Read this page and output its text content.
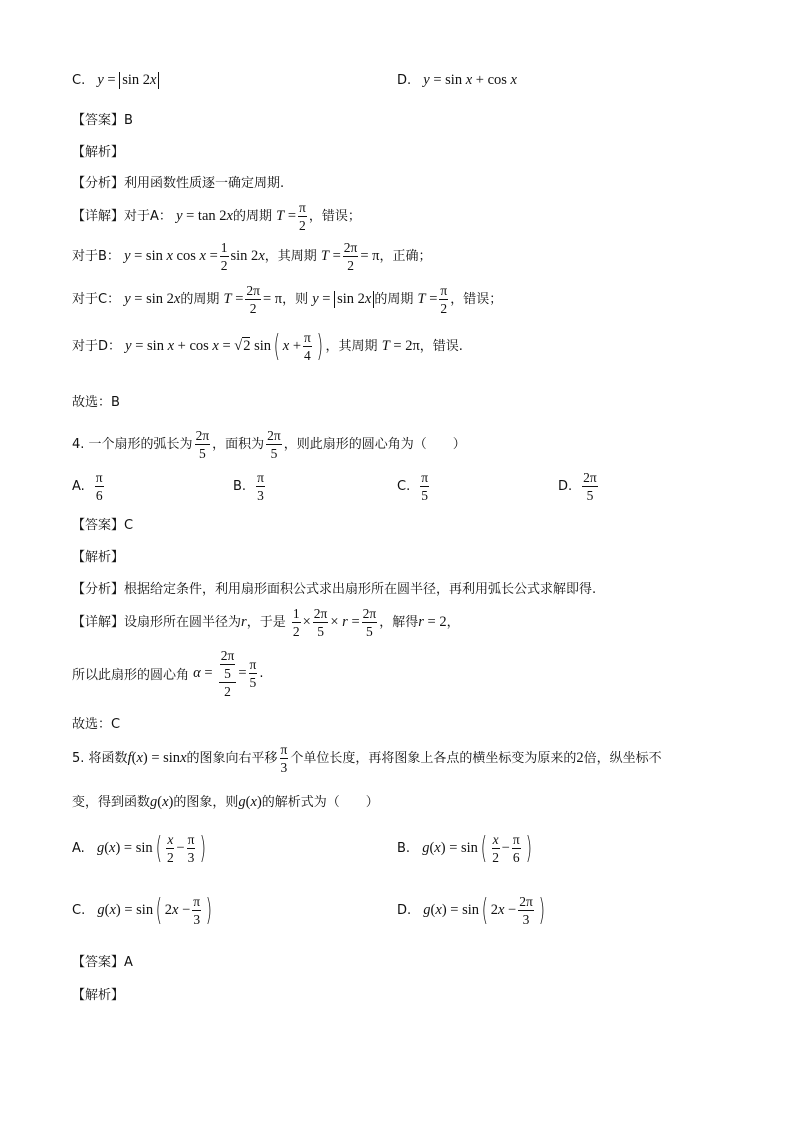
C. y = sin 2x	D. y = sin x + cos x
【答案】B
【解析】
【分析】利用函数性质逐一确定周期.
【详解】对于A： y = tan 2x的周期 $T = \frac{\pi}{2}$ ，错误；
对于B： y = sin x $\cos x = \frac{1}{2}$ sin 2x，其周期 $T = \frac{2\pi}{2} = \pi$，正确；
对于C： y = sin 2x的周期 $T = \frac{2\pi}{2} = \pi$，则 y = sin 2x 的周期 $T = \frac{\pi}{2}$ ，错误；
对于D： y = sin x + cos x = √2 sin( $x + \frac{\pi}{4}$ ) ，其周期 T = 2π，错误.
故选：B
4. 一个扇形的弧长为 $\frac{2\pi}{5}$ ，面积为 $\frac{2\pi}{5}$ ，则此扇形的圆心角为（　　）
A. $\frac{\pi}{6}$	B. $\frac{\pi}{3}$	C. $\frac{\pi}{5}$	D. $\frac{2\pi}{5}$
【答案】C
【解析】
【分析】根据给定条件，利用扇形面积公式求出扇形所在圆半径，再利用弧长公式求解即得.
【详解】设扇形所在圆半径为r，于是 $\frac{1}{2} \times \frac{2\pi}{5} \times r = \frac{2\pi}{5}$ ，解得r = 2，
所以此扇形的圆心角 $\alpha = \frac{\frac{2\pi}{5}}{2} = \frac{\pi}{5}$ .
故选：C
5. 将函数f(x) = sinx的图象向右平移 $\frac{\pi}{3}$ 个单位长度，再将图象上各点的横坐标变为原来的2倍，纵坐标不
变，得到函数g(x)的图象，则g(x)的解析式为（　　）
A. $g(x) = \sin( \frac{x}{2} - \frac{\pi}{3}$ )	B. $g(x) = \sin( \frac{x}{2} - \frac{\pi}{6}$ )
C. g(x) = sin( $2x - \frac{\pi}{3}$ )	D. g(x) = sin( $2x - \frac{2\pi}{3}$ )
【答案】A
【解析】
